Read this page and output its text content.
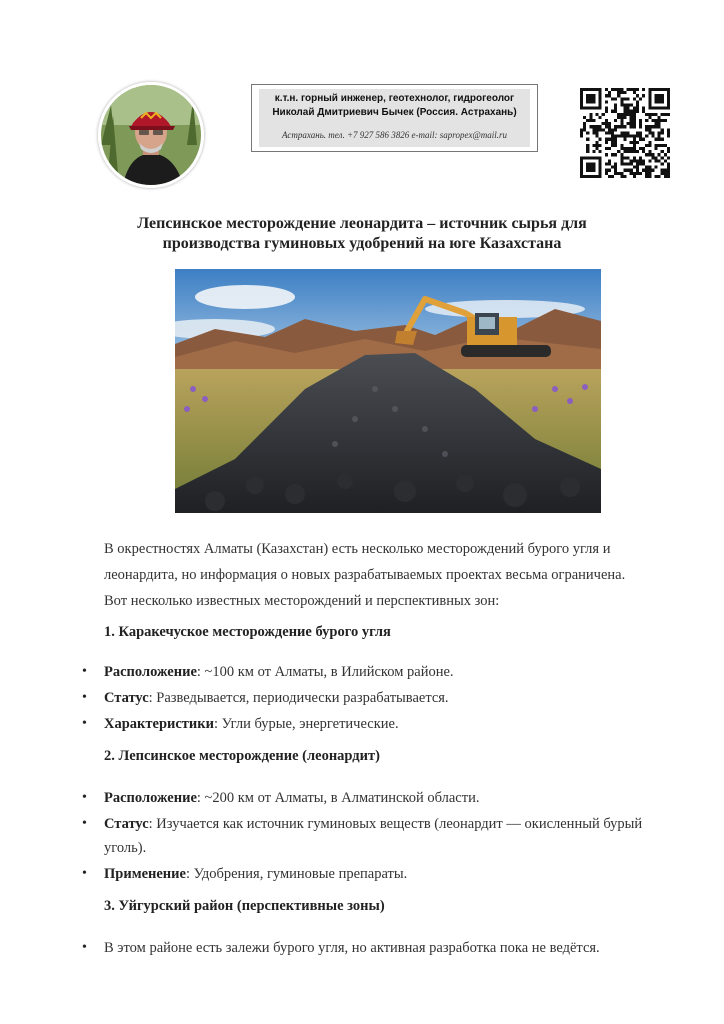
к.т.н. горный инженер, геотехнолог, гидрогеолог
Николай Дмитриевич Бычек (Россия. Астрахань)
Астрахань. тел. +7 927 586 3826 e-mail: sapropex@mail.ru
Лепсинское месторождение леонардита – источник сырья для
производства гуминовых удобрений на юге Казахстана

В окрестностях Алматы (Казахстан) есть несколько месторождений бурого угля и леонардита, но информация о новых разрабатываемых проектах весьма ограничена. Вот несколько известных месторождений и перспективных зон:

1. Каракечуское месторождение бурого угля
• Расположение: ~100 км от Алматы, в Илийском районе.
• Статус: Разведывается, периодически разрабатывается.
• Характеристики: Угли бурые, энергетические.
2. Лепсинское месторождение (леонардит)
• Расположение: ~200 км от Алматы, в Алматинской области.
• Статус: Изучается как источник гуминовых веществ (леонардит — окисленный бурый уголь).
• Применение: Удобрения, гуминовые препараты.
3. Уйгурский район (перспективные зоны)
• В этом районе есть залежи бурого угля, но активная разработка пока не ведётся.
